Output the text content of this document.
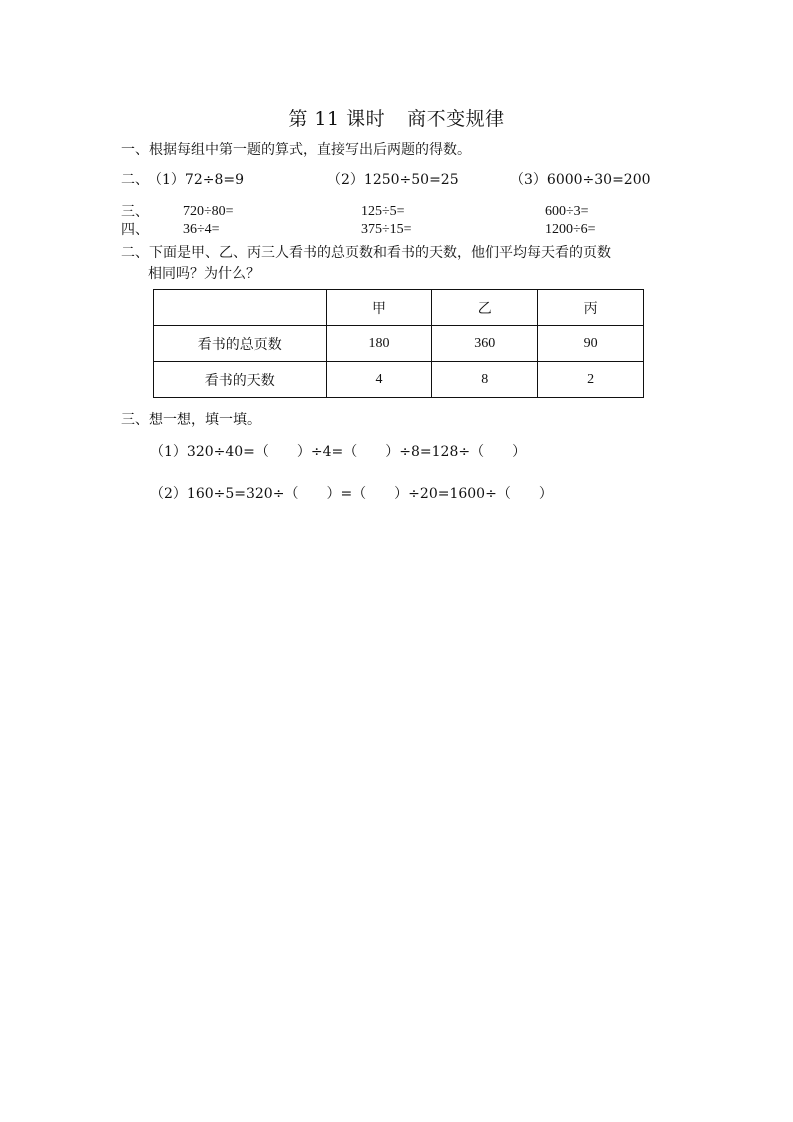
第 11 课时 商不变规律
一、根据每组中第一题的算式，直接写出后两题的得数。
二、 （1）72÷8=9	（2）1250÷50=25	（3）6000÷30=200
三、 720÷80=	125÷5=	600÷3=
四、 36÷4=	375÷15=	1200÷6=
二、下面是甲、乙、丙三人看书的总页数和看书的天数，他们平均每天看的页数
相同吗？为什么？
	甲	乙	丙
看书的总页数	180	360	90
看书的天数	4	8	2
三、想一想，填一填。
（1）320÷40=（　　）÷4=（　　）÷8=128÷（　　）
（2）160÷5=320÷（　　）=（　　）÷20=1600÷（　　）
